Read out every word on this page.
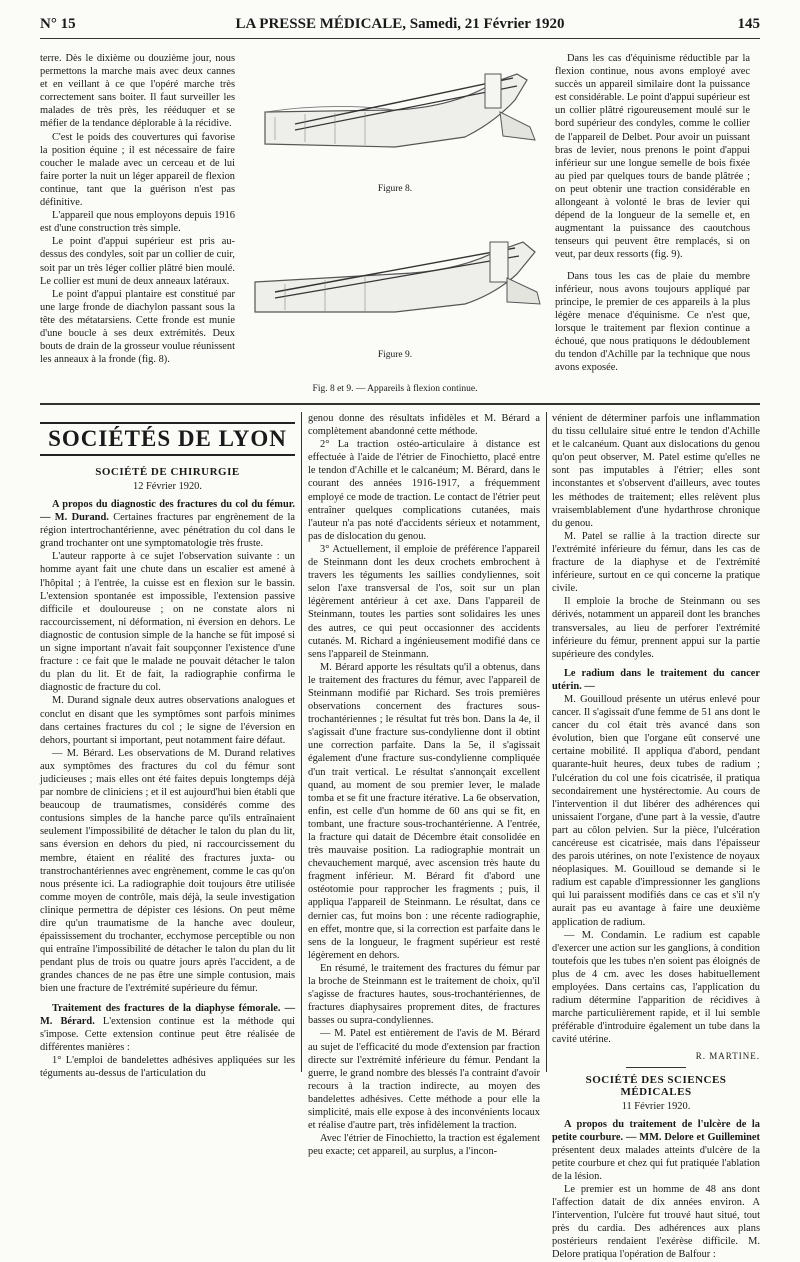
N° 15	LA PRESSE MÉDICALE, Samedi, 21 Février 1920	145

terre. Dès le dixième ou douzième jour, nous permettons la marche mais avec deux cannes et en veillant à ce que l'opéré marche très correctement sans boiter. Il faut surveiller les malades de très près, les rééduquer et se méfier de la tendance déplorable à la récidive.

C'est le poids des couvertures qui favorise la position équine ; il est nécessaire de faire coucher le malade avec un cerceau et de lui faire porter la nuit un léger appareil de flexion continue, tant que la guérison n'est pas définitive.

L'appareil que nous employons depuis 1916 est d'une construction très simple.

Le point d'appui supérieur est pris au-dessus des condyles, soit par un collier de cuir, soit par un très léger collier plâtré bien moulé. Le collier est muni de deux anneaux latéraux.

Le point d'appui plantaire est constitué par une large fronde de diachylon passant sous la tête des métatarsiens. Cette fronde est munie d'une boucle à ses deux extrémités. Deux bouts de drain de la grosseur voulue réunissent les anneaux à la fronde (fig. 8).

Figure 8.
Figure 9.
Fig. 8 et 9. — Appareils à flexion continue.

Dans les cas d'équinisme réductible par la flexion continue, nous avons employé avec succès un appareil similaire dont la puissance est considérable. Le point d'appui supérieur est un collier plâtré rigoureusement moulé sur le bord supérieur des condyles, comme le collier de l'appareil de Delbet. Pour avoir un puissant bras de levier, nous prenons le point d'appui inférieur sur une longue semelle de bois fixée au pied par quelques tours de bande plâtrée ; on peut obtenir une traction considérable en allongeant à volonté le bras de levier qui dépend de la longueur de la semelle et, en augmentant la puissance des caoutchous tenseurs qui peuvent être remplacés, si on veut, par deux ressorts (fig. 9).

Dans tous les cas de plaie du membre inférieur, nous avons toujours appliqué par principe, le premier de ces appareils à la plus légère menace d'équinisme. Ce n'est que, lorsque le traitement par flexion continue a échoué, que nous pratiquons le dédoublement du tendon d'Achille par la technique que nous avons exposée.

SOCIÉTÉS DE LYON
SOCIÉTÉ DE CHIRURGIE
12 Février 1920.

A propos du diagnostic des fractures du col du fémur. — M. Durand. Certaines fractures par engrènement de la région intertrochantérienne, avec pénétration du col dans le grand trochanter ont une symptomatologie très fruste.

L'auteur rapporte à ce sujet l'observation suivante : un homme ayant fait une chute dans un escalier est amené à l'hôpital ; à l'entrée, la cuisse est en flexion sur le bassin. L'extension spontanée est impossible, l'extension passive difficile et douloureuse ; on ne constate alors ni raccourcissement, ni déformation, ni éversion en dehors. Le diagnostic de contusion simple de la hanche se fût imposé si un signe important n'avait fait soupçonner l'existence d'une fracture : ce fait que le malade ne pouvait détacher le talon du plan du lit. Et de fait, la radiographie confirma le diagnostic de fracture du col.

M. Durand signale deux autres observations analogues et conclut en disant que les symptômes sont parfois minimes dans certaines fractures du col ; le signe de l'éversion en dehors, pourtant si important, peut notamment faire défaut.

— M. Bérard. Les observations de M. Durand relatives aux symptômes des fractures du col du fémur sont judicieuses ; mais elles ont été faites depuis longtemps déjà par nombre de cliniciens ; et il est aujourd'hui bien établi que beaucoup de traumatismes, considérés comme des contusions simples de la hanche parce qu'ils entraînaient seulement l'impossibilité de détacher le talon du plan du lit, sans éversion en dehors du pied, ni raccourcissement du membre, étaient en réalité des fractures juxta- ou transtrochantériennes avec engrènement, comme le cas qu'on nous présente ici. La radiographie doit toujours être utilisée comme moyen de contrôle, mais déjà, la seule investigation clinique permettra de dépister ces lésions. On peut même dire qu'un traumatisme de la hanche avec douleur, épaississement du trochanter, ecchymose perceptible ou non qui entraîne l'impossibilité de détacher le talon du plan du lit pendant plus de trois ou quatre jours après l'accident, a de grandes chances de ne pas être une simple contusion, mais bien une fracture de l'extrémité supérieure du fémur.

Traitement des fractures de la diaphyse fémorale. — M. Bérard. L'extension continue est la méthode qui s'impose. Cette extension continue peut être réalisée de différentes manières :

1° L'emploi de bandelettes adhésives appliquées sur les téguments au-dessus de l'articulation du

genou donne des résultats infidèles et M. Bérard a complètement abandonné cette méthode.

2° La traction ostéo-articulaire à distance est effectuée à l'aide de l'étrier de Finochietto, placé entre le tendon d'Achille et le calcanéum; M. Bérard, dans le courant des années 1916-1917, a fréquemment employé ce mode de traction. Le contact de l'étrier peut entraîner quelques complications cutanées, mais l'auteur n'a pas noté d'accidents sérieux et notamment, pas de dislocation du genou.

3° Actuellement, il emploie de préférence l'appareil de Steinmann dont les deux crochets embrochent à travers les téguments les saillies condyliennes, soit selon l'axe transversal de l'os, soit sur un plan légèrement antérieur à cet axe. Dans l'appareil de Steinmann, toutes les parties sont solidaires les unes des autres, ce qui peut occasionner des accidents cutanés. M. Richard a ingénieusement modifié dans ce sens l'appareil de Steinmann.

M. Bérard apporte les résultats qu'il a obtenus, dans le traitement des fractures du fémur, avec l'appareil de Steinmann modifié par Richard. Ses trois premières observations concernent des fractures sous-trochantériennes ; le résultat fut très bon. Dans la 4e, il s'agissait d'une fracture sus-condylienne dont il obtint une correction parfaite. Dans la 5e, il s'agissait également d'une fracture sus-condylienne compliquée d'un trait vertical. Le résultat s'annonçait excellent quand, au moment de sou premier lever, le malade tomba et se fit une fracture itérative. La 6e observation, enfin, est celle d'un homme de 60 ans qui se fit, en tombant, une fracture sous-trochantérienne. A l'entrée, la fracture qui datait de Décembre était consolidée en très mauvaise position. La radiographie montrait un chevauchement marqué, avec ascension très haute du fragment inférieur. M. Bérard fit d'abord une ostéotomie pour rapprocher les fragments ; puis, il appliqua l'appareil de Steinmann. Le résultat, dans ce dernier cas, fut moins bon : une récente radiographie, en effet, montre que, si la correction est parfaite dans le sens de la longueur, le fragment supérieur est resté légèrement en dehors.

En résumé, le traitement des fractures du fémur par la broche de Steinmann est le traitement de choix, qu'il s'agisse de fractures hautes, sous-trochantériennes, de fractures diaphysaires proprement dites, de fractures basses ou supra-condyliennes.

— M. Patel est entièrement de l'avis de M. Bérard au sujet de l'efficacité du mode d'extension par fraction directe sur l'extrémité inférieure du fémur. Pendant la guerre, le grand nombre des blessés l'a contraint d'avoir recours à la traction indirecte, au moyen des bandelettes adhésives. Cette méthode a pour elle la simplicité, mais elle expose à des inconvénients locaux et réalise d'autre part, très infidèlement la traction.

Avec l'étrier de Finochietto, la traction est également peu exacte; cet appareil, au surplus, a l'incon-

vénient de déterminer parfois une inflammation du tissu cellulaire situé entre le tendon d'Achille et le calcanéum. Quant aux dislocations du genou qu'on peut observer, M. Patel estime qu'elles ne sont pas imputables à l'étrier; elles sont inconstantes et s'observent d'ailleurs, avec toutes les méthodes de traitement; elles relèvent plus vraisemblablement d'une hydarthrose chronique du genou.

M. Patel se rallie à la traction directe sur l'extrémité inférieure du fémur, dans les cas de fracture de la diaphyse et de l'extrémité inférieure, surtout en ce qui concerne la pratique civile.

Il emploie la broche de Steinmann ou ses dérivés, notamment un appareil dont les branches transversales, au lieu de perforer l'extrémité inférieure du fémur, prennent appui sur la partie supérieure des condyles.

Le radium dans le traitement du cancer utérin. —

M. Gouilloud présente un utérus enlevé pour cancer. Il s'agissait d'une femme de 51 ans dont le cancer du col était très avancé dans son évolution, bien que l'organe eût conservé une certaine mobilité. Il appliqua d'abord, pendant quarante-huit heures, deux tubes de radium ; l'ulcération du col une fois cicatrisée, il pratiqua secondairement une hystérectomie. Au cours de l'intervention il dut libérer des adhérences qui unissaient l'organe, d'une part à la vessie, d'autre part au côlon pelvien. Sur la pièce, l'ulcération cancéreuse est cicatrisée, mais dans l'épaisseur des parois utérines, on note l'existence de noyaux néoplasiques. M. Gouilloud se demande si le radium est capable d'impressionner les ganglions qui lui paraissent modifiés dans ce cas et s'il n'y aurait pas eu avantage à faire une deuxième application de radium.

— M. Condamin. Le radium est capable d'exercer une action sur les ganglions, à condition toutefois que les tubes n'en soient pas éloignés de plus de 4 cm. avec les doses habituellement employées. Dans certains cas, l'application du radium détermine l'apparition de récidives à marche particulièrement rapide, et il lui semble préférable d'introduire également un tube dans la cavité utérine.

R. MARTINE.
SOCIÉTÉ DES SCIENCES MÉDICALES
11 Février 1920.

A propos du traitement de l'ulcère de la petite courbure. — MM. Delore et Guilleminet présentent deux malades atteints d'ulcère de la petite courbure et chez qui fut pratiquée l'ablation de la lésion.

Le premier est un homme de 48 ans dont l'affection datait de dix années environ. A l'intervention, l'ulcère fut trouvé haut situé, tout près du cardia. Des adhérences aux plans postérieurs rendaient l'exérèse difficile. M. Delore pratiqua l'opération de Balfour :
